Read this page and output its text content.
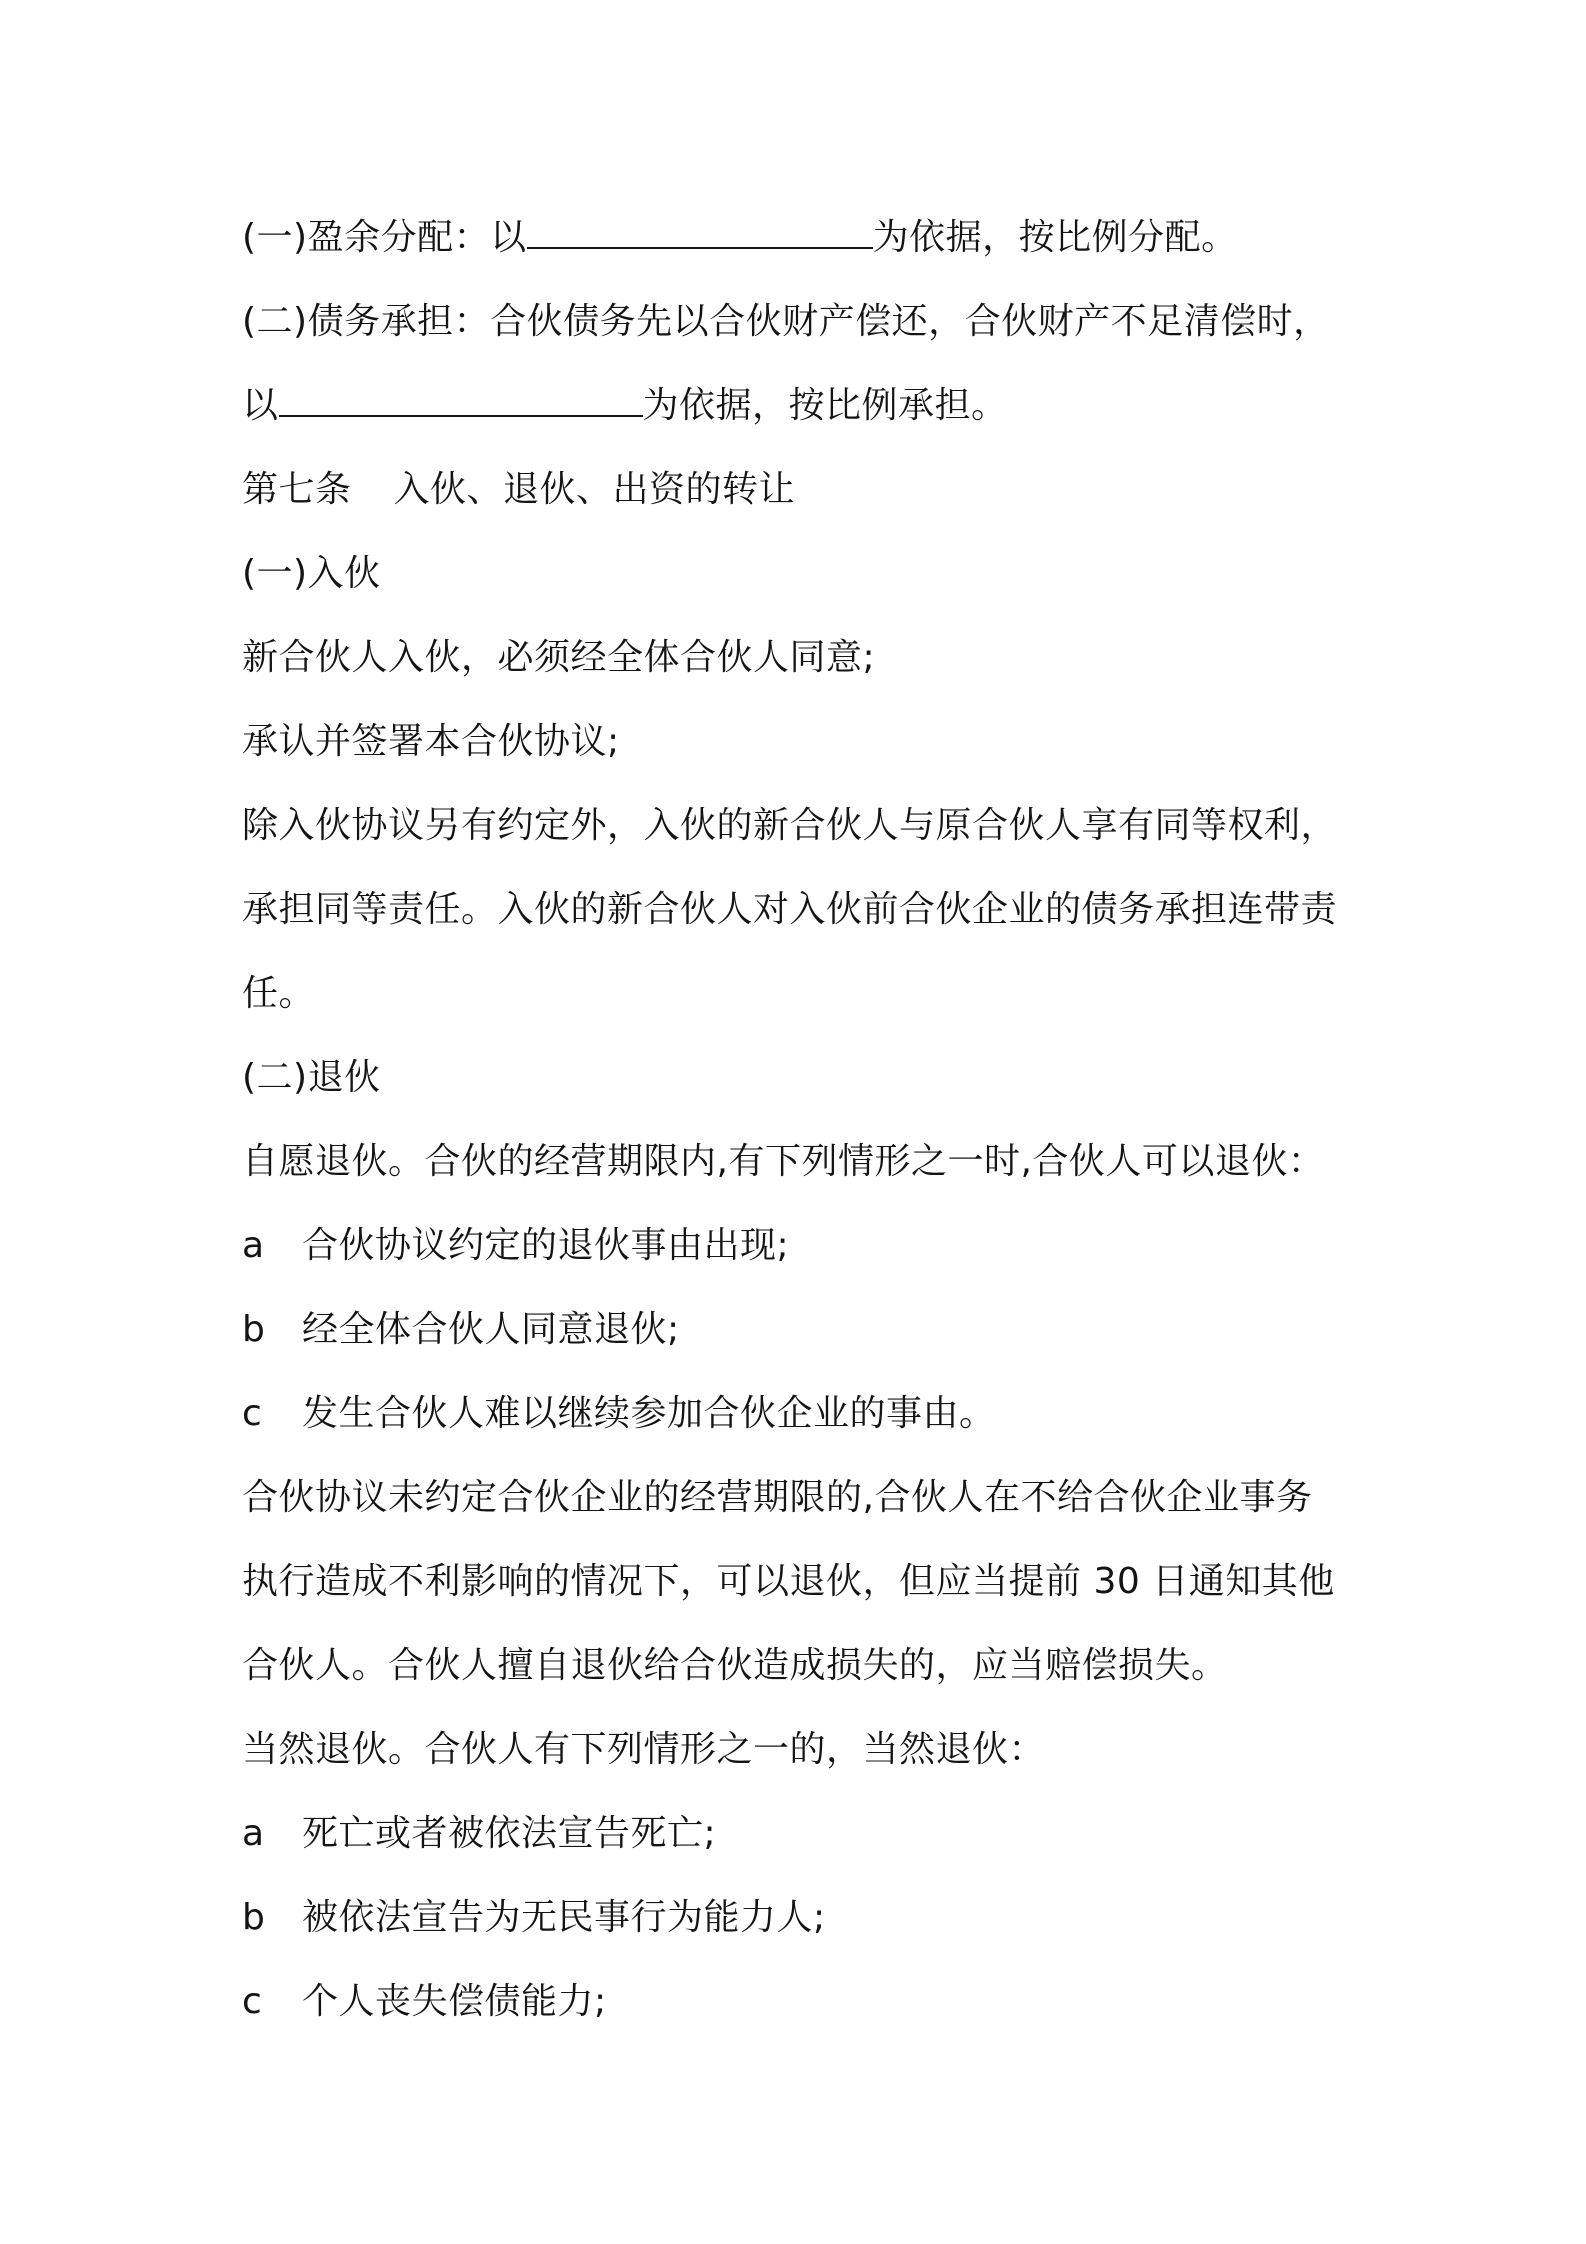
(一)盈余分配：以	为依据，按比例分配。
(二)债务承担：合伙债务先以合伙财产偿还，合伙财产不足清偿时，
以	为依据，按比例承担。
第七条 入伙、退伙、出资的转让
(一)入伙
新合伙人入伙，必须经全体合伙人同意;
承认并签署本合伙协议;
除入伙协议另有约定外，入伙的新合伙人与原合伙人享有同等权利，
承担同等责任。入伙的新合伙人对入伙前合伙企业的债务承担连带责
任。
(二)退伙
自愿退伙。合伙的经营期限内,有下列情形之一时,合伙人可以退伙：
a 合伙协议约定的退伙事由出现;
b 经全体合伙人同意退伙;
c 发生合伙人难以继续参加合伙企业的事由。
合伙协议未约定合伙企业的经营期限的,合伙人在不给合伙企业事务
执行造成不利影响的情况下，可以退伙，但应当提前 30 日通知其他
合伙人。合伙人擅自退伙给合伙造成损失的，应当赔偿损失。
当然退伙。合伙人有下列情形之一的，当然退伙：
a 死亡或者被依法宣告死亡;
b 被依法宣告为无民事行为能力人;
c 个人丧失偿债能力;
